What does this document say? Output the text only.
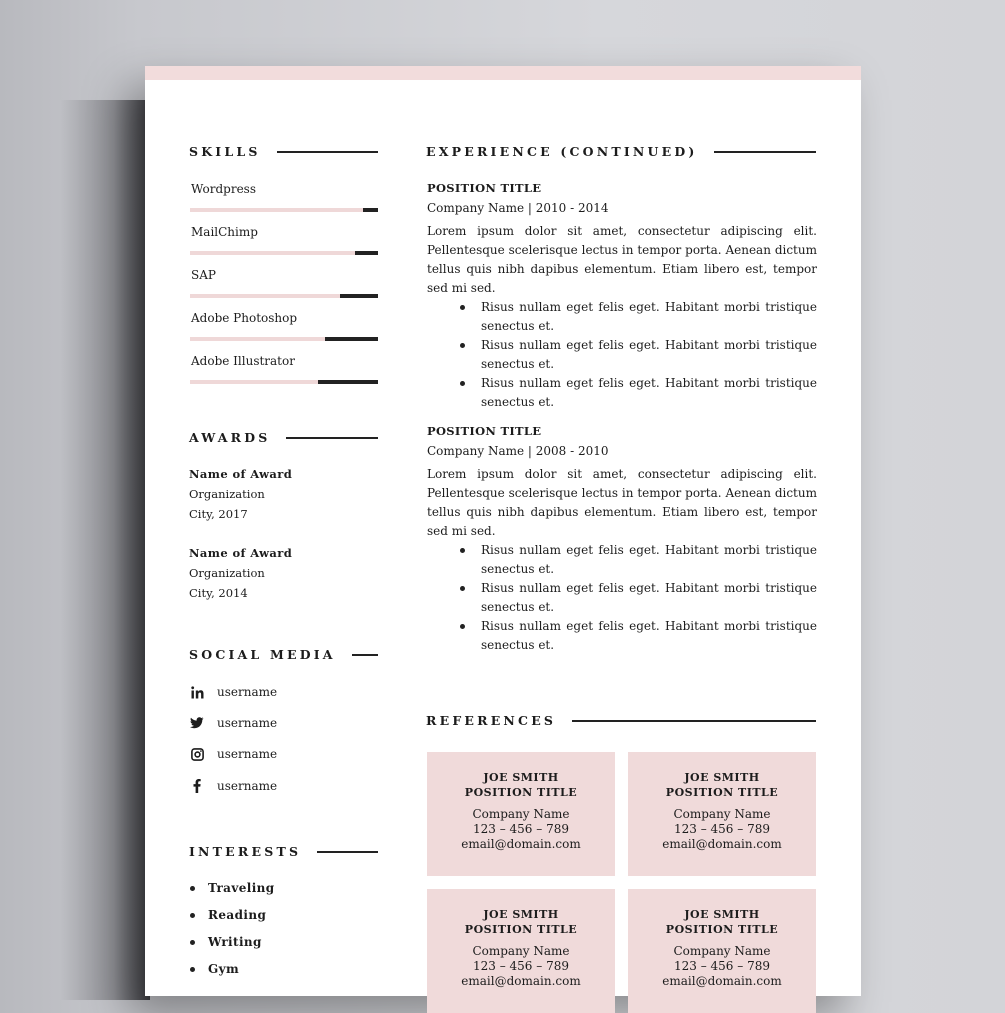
SKILLS
Wordpress
MailChimp
SAP
Adobe Photoshop
Adobe Illustrator
AWARDS
Name of Award
Organization
City, 2017
Name of Award
Organization
City, 2014
SOCIAL MEDIA
username
username
username
username
INTERESTS
Traveling
Reading
Writing
Gym
EXPERIENCE (CONTINUED)
POSITION TITLE
Company Name | 2010 - 2014
Lorem ipsum dolor sit amet, consectetur adipiscing elit. Pellentesque scelerisque lectus in tempor porta. Aenean dictum tellus quis nibh dapibus elementum. Etiam libero est, tempor sed mi sed.
Risus nullam eget felis eget. Habitant morbi tristique senectus et.
Risus nullam eget felis eget. Habitant morbi tristique senectus et.
Risus nullam eget felis eget. Habitant morbi tristique senectus et.
POSITION TITLE
Company Name | 2008 - 2010
Lorem ipsum dolor sit amet, consectetur adipiscing elit. Pellentesque scelerisque lectus in tempor porta. Aenean dictum tellus quis nibh dapibus elementum. Etiam libero est, tempor sed mi sed.
Risus nullam eget felis eget. Habitant morbi tristique senectus et.
Risus nullam eget felis eget. Habitant morbi tristique senectus et.
Risus nullam eget felis eget. Habitant morbi tristique senectus et.
REFERENCES
JOE SMITH
POSITION TITLE
Company Name
123 – 456 – 789
email@domain.com
JOE SMITH
POSITION TITLE
Company Name
123 – 456 – 789
email@domain.com
JOE SMITH
POSITION TITLE
Company Name
123 – 456 – 789
email@domain.com
JOE SMITH
POSITION TITLE
Company Name
123 – 456 – 789
email@domain.com
